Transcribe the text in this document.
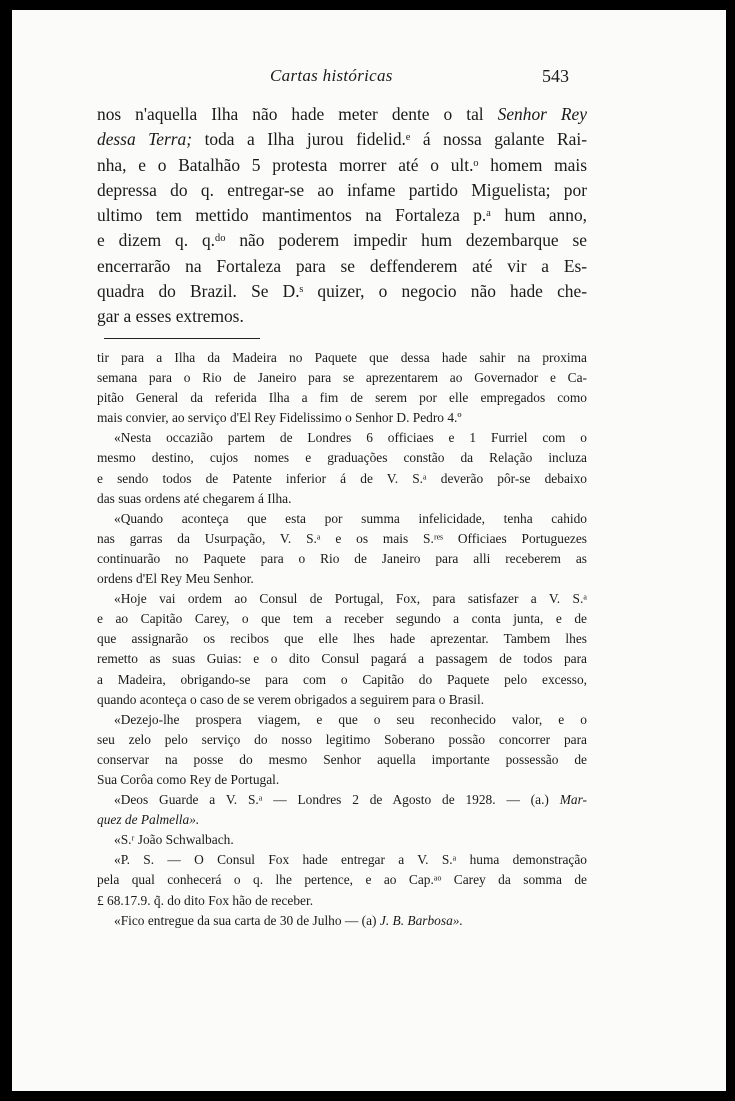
Cartas históricas	543
nos n'aquella Ilha não hade meter dente o tal Senhor Rey
dessa Terra; toda a Ilha jurou fidelid.ᵉ á nossa galante Rai-
nha, e o Batalhão 5 protesta morrer até o ult.ᵒ homem mais
depressa do q. entregar-se ao infame partido Miguelista; por
ultimo tem mettido mantimentos na Fortaleza p.ᵃ hum anno,
e dizem q. q.ᵈᵒ não poderem impedir hum dezembarque se
encerrarão na Fortaleza para se deffenderem até vir a Es-
quadra do Brazil. Se D.ˢ quizer, o negocio não hade che-
gar a esses extremos.
tir para a Ilha da Madeira no Paquete que dessa hade sahir na proxima
semana para o Rio de Janeiro para se aprezentarem ao Governador e Ca-
pitão General da referida Ilha a fim de serem por elle empregados como
mais convier, ao serviço d'El Rey Fidelissimo o Senhor D. Pedro 4.º
«Nesta occazião partem de Londres 6 officiaes e 1 Furriel com o
mesmo destino, cujos nomes e graduações constão da Relação incluza
e sendo todos de Patente inferior á de V. S.ᵃ deverão pôr-se debaixo
das suas ordens até chegarem á Ilha.
«Quando aconteça que esta por summa infelicidade, tenha cahido
nas garras da Usurpação, V. S.ᵃ e os mais S.ʳᵉˢ Officiaes Portuguezes
continuarão no Paquete para o Rio de Janeiro para alli receberem as
ordens d'El Rey Meu Senhor.
«Hoje vai ordem ao Consul de Portugal, Fox, para satisfazer a V. S.ᵃ
e ao Capitão Carey, o que tem a receber segundo a conta junta, e de
que assignarão os recibos que elle lhes hade aprezentar. Tambem lhes
remetto as suas Guias: e o dito Consul pagará a passagem de todos para
a Madeira, obrigando-se para com o Capitão do Paquete pelo excesso,
quando aconteça o caso de se verem obrigados a seguirem para o Brasil.
«Dezejo-lhe prospera viagem, e que o seu reconhecido valor, e o
seu zelo pelo serviço do nosso legitimo Soberano possão concorrer para
conservar na posse do mesmo Senhor aquella importante possessão de
Sua Corôa como Rey de Portugal.
«Deos Guarde a V. S.ᵃ — Londres 2 de Agosto de 1928. — (a.) Mar-
quez de Palmella».
«S.ʳ João Schwalbach.
«P. S. — O Consul Fox hade entregar a V. S.ᵃ huma demonstração
pela qual conhecerá o q. lhe pertence, e ao Cap.ᵃᵒ Carey da somma de
£ 68.17.9. q̃. do dito Fox hão de receber.
«Fico entregue da sua carta de 30 de Julho — (a) J. B. Barbosa».
